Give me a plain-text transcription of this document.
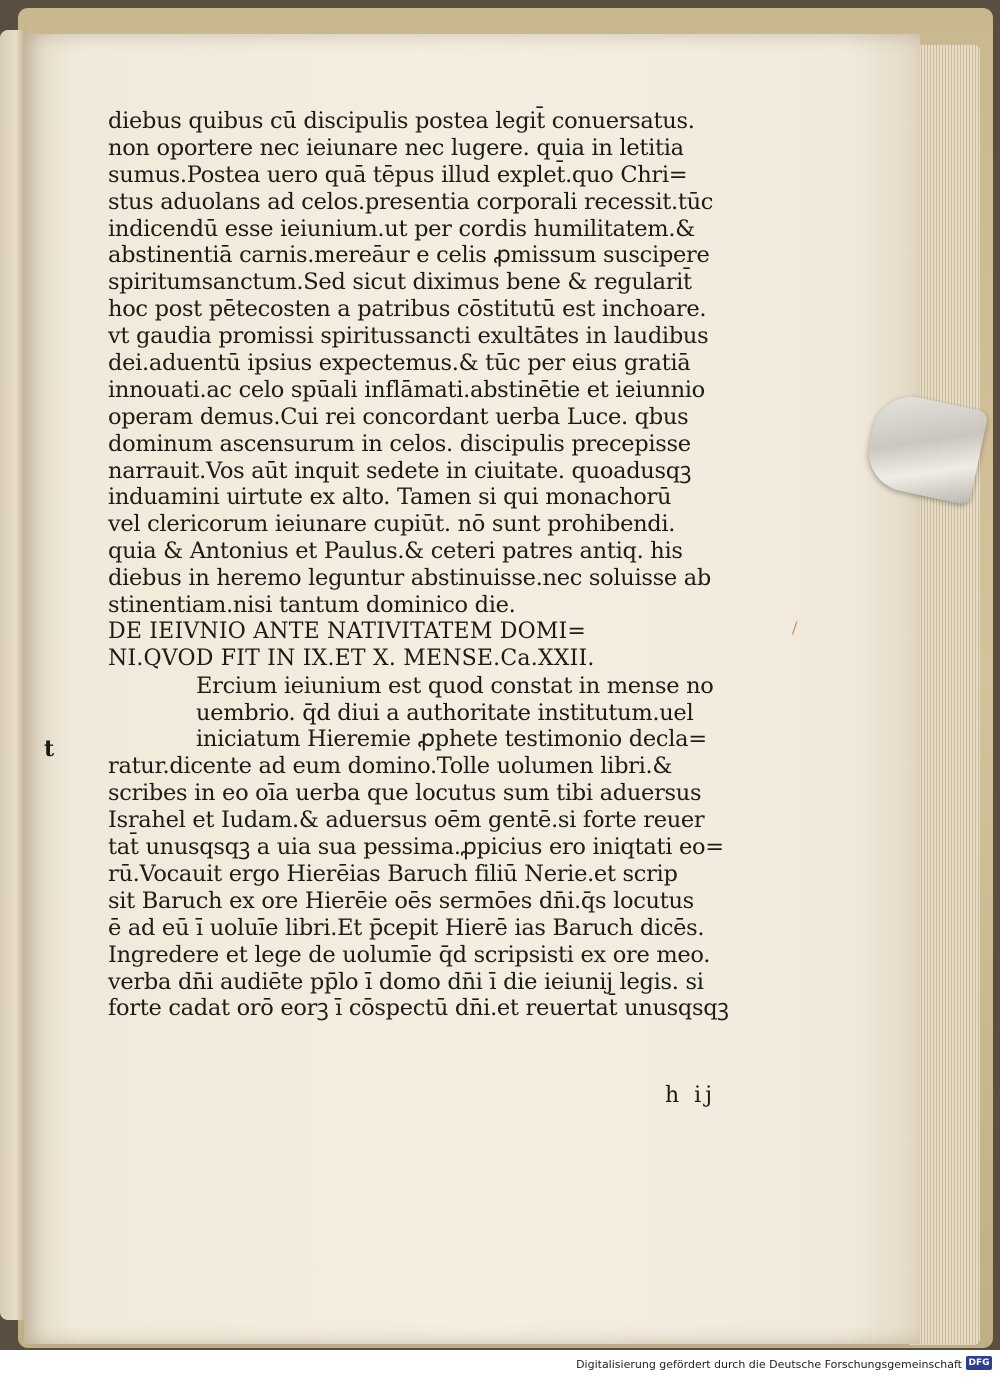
diebus quibus cū discipulis postea legit̄ conuersatus.
non oportere nec ieiunare nec lugere. quia in letitia
sumus.Postea uero quā tēpus illud explet̄.quo Chri=
stus aduolans ad celos.presentia corporali recessit.tūc
indicendū esse ieiunium.ut per cordis humilitatem.&
abstinentiā carnis.mereāur e celis ꝓmissum suscipere
spiritumsanctum.Sed sicut diximus bene & regularit̄
hoc post pētecosten a patribus cōstitutū est inchoare.
vt gaudia promissi spiritussancti exultātes in laudibus
dei.aduentū ipsius expectemus.& tūc per eius gratiā
innouati.ac celo spūali inflāmati.abstinētie et ieiunnio
operam demus.Cui rei concordant uerba Luce. qbus
dominum ascensurum in celos. discipulis precepisse
narrauit.Vos aūt inquit sedete in ciuitate. quoadusqꝫ
induamini uirtute ex alto. Tamen si qui monachorū
vel clericorum ieiunare cupiūt. nō sunt prohibendi.
quia & Antonius et Paulus.& ceteri patres antiq. his
diebus in heremo leguntur abstinuisse.nec soluisse ab
stinentiam.nisi tantum dominico die.
DE IEIVNIO ANTE NATIVITATEM DOMI=
NI.QVOD FIT IN IX.ET X. MENSE.Ca.XXII.
Ercium ieiunium est quod constat in mense no
uembrio. q̄d diui a authoritate institutum.uel
iniciatum Hieremie ꝓphete testimonio decla=
ratur.dicente ad eum domino.Tolle uolumen libri.&
scribes in eo oīa uerba que locutus sum tibi aduersus
Israhel et Iudam.& aduersus oēm gentē.si forte reuer
tat̄ unusqsqꝫ a uia sua pessima.ꝓpicius ero iniqtati eo=
rū.Vocauit ergo Hierēias Baruch filiū Nerie.et scrip
sit Baruch ex ore Hierēie oēs sermōes dn̄i.q̄s locutus
ē ad eū ī uoluīe libri.Et p̄cepit Hierē ias Baruch dicēs.
Ingredere et lege de uolumīe q̄d scripsisti ex ore meo.
verba dn̄i audiēte pp̄lo ī domo dn̄i ī die ieiunij legis. si
forte cadat orō eorꝫ ī cōspectū dn̄i.et reuertat̄ unusqsqꝫ
t
/
h ij
Digitalisierung gefördert durch die Deutsche Forschungsgemeinschaft DFG
